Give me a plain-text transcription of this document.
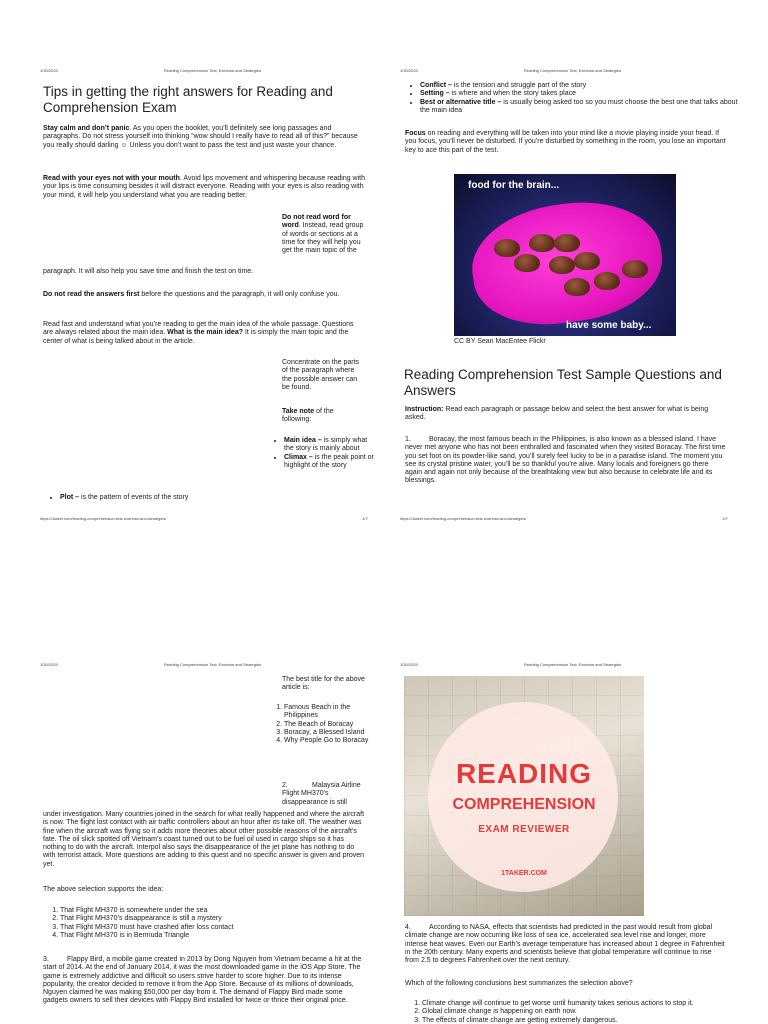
1/30/2020	Reading Comprehension Test, Exercise and Strategies
Tips in getting the right answers for Reading and Comprehension Exam
Stay calm and don’t panic. As you open the booklet, you’ll definitely see long passages and paragraphs. Do not stress yourself into thinking “wow should I really have to read all of this?” because you really should darling ☺ Unless you don’t want to pass the test and just waste your chance.
Read with your eyes not with your mouth. Avoid lips movement and whispering because reading with your lips is time consuming besides it will distract everyone. Reading with your eyes is also reading with your mind, it will help you understand what you are reading better.
Do not read word for word. Instead, read group of words or sections at a time for they will help you get the main topic of the
paragraph. It will also help you save time and finish the test on time.
Do not read the answers first before the questions and the paragraph, it will only confuse you.
Read fast and understand what you’re reading to get the main idea of the whole passage. Questions are always related about the main idea. What is the main idea? It is simply the main topic and the center of what is being talked about in the article.
Concentrate on the parts of the paragraph where the possible answer can be found.
Take note of the following:
• Main idea – is simply what the story is mainly about
• Climax – is the peak point or highlight of the story
• Plot – is the pattern of events of the story
https://1taker.com/reading-comprehension-test-exercise-and-strategies/	1/7
1/30/2020	Reading Comprehension Test, Exercise and Strategies
• Conflict – is the tension and struggle part of the story
• Setting – is where and when the story takes place
• Best or alternative title – is usually being asked too so you must choose the best one that talks about the main idea
Focus on reading and everything will be taken into your mind like a movie playing inside your head. If you focus, you’ll never be disturbed. If you’re disturbed by something in the room, you lose an important key to ace this part of the test.
food for the brain...
have some baby...
CC BY Sean MacEntee Flickr
Reading Comprehension Test Sample Questions and Answers
Instruction: Read each paragraph or passage below and select the best answer for what is being asked.
1.	Boracay, the most famous beach in the Philippines, is also known as a blessed island. I have never met anyone who has not been enthralled and fascinated when they visited Boracay. The first time you set foot on its powder-like sand, you’ll surely feel lucky to be in a paradise island. The moment you see its crystal pristine water, you’ll be so thankful you’re alive. Many locals and foreigners go there again and again not only because of the breathtaking view but also because to celebrate life and its blessings.
https://1taker.com/reading-comprehension-test-exercise-and-strategies/	2/7
1/30/2020	Reading Comprehension Test, Exercise and Strategies
The best title for the above article is:
1. Famous Beach in the Philippines
2. The Beach of Boracay
3. Boracay, a Blessed Island
4. Why People Go to Boracay
2.	Malaysia Airline Flight MH370’s disappearance is still
under investigation. Many countries joined in the search for what really happened and where the aircraft is now. The flight lost contact with air traffic controllers about an hour after its take off. The weather was fine when the aircraft was flying so it adds more theories about other possible reasons of the aircraft’s fate. The oil slick spotted off Vietnam’s coast turned out to be fuel oil used in cargo ships so it has nothing to do with the aircraft. Interpol also says the disappearance of the jet plane has nothing to do with terrorist attack. More questions are adding to this quest and no specific answer is given and proven yet.
The above selection supports the idea:
1. That Flight MH370 is somewhere under the sea
2. That Flight MH370’s disappearance is still a mystery
3. That Flight MH370 must have crashed after loss contact
4. That Flight MH370 is in Bermuda Triangle
3.	Flappy Bird, a mobile game created in 2013 by Dong Nguyen from Vietnam became a hit at the start of 2014. At the end of January 2014, it was the most downloaded game in the iOS App Store. The game is extremely addictive and difficult so users strive harder to score higher. Due to its intense popularity, the creator decided to remove it from the App Store. Because of its millions of downloads, Nguyen claimed he was making $50,000 per day from it. The demand of Flappy Bird made some gadgets owners to sell their devices with Flappy Bird installed for twice or thrice their original price.
1/30/2020	Reading Comprehension Test, Exercise and Strategies
READING
COMPREHENSION
EXAM REVIEWER
1TAKER.COM
4.	According to NASA, effects that scientists had predicted in the past would result from global climate change are now occurring like loss of sea ice, accelerated sea level rise and longer, more intense heat waves. Even our Earth’s average temperature has increased about 1 degree in Fahrenheit in the 20th century. Many experts and scientists believe that global temperature will continue to rise from 2.5 to degrees Fahrenheit over the next century.
Which of the following conclusions best summarizes the selection above?
1. Climate change will continue to get worse until humanity takes serious actions to stop it.
2. Global climate change is happening on earth now.
3. The effects of climate change are getting extremely dangerous.
